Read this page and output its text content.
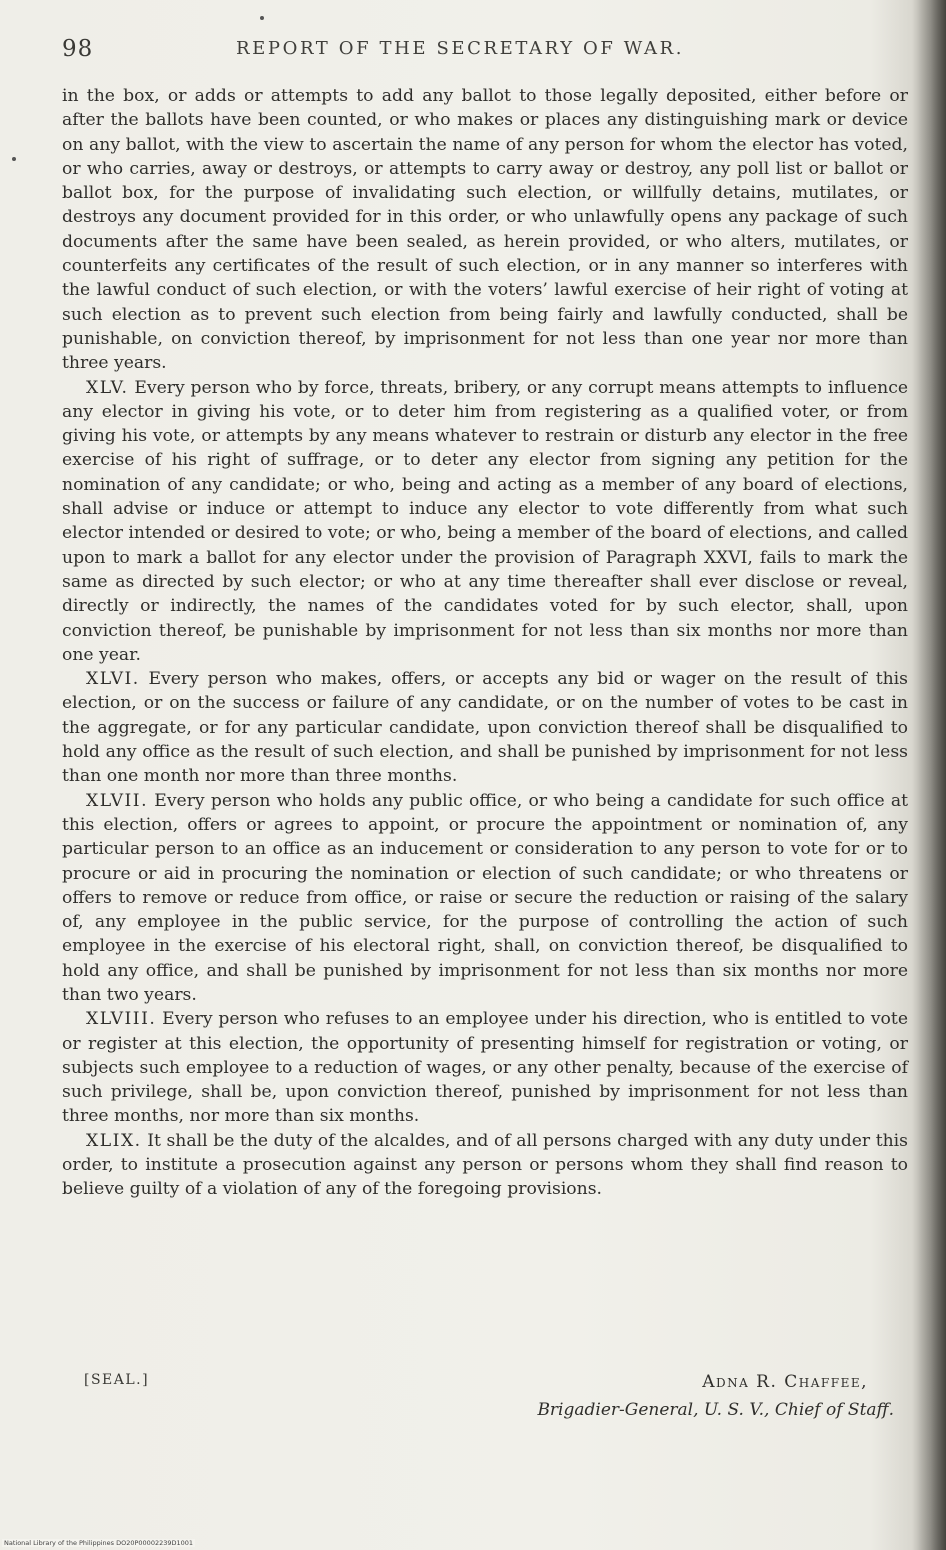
98	REPORT OF THE SECRETARY OF WAR.

in the box, or adds or attempts to add any ballot to those legally deposited, either before or after the ballots have been counted, or who makes or places any distinguishing mark or device on any ballot, with the view to ascertain the name of any person for whom the elector has voted, or who carries, away or destroys, or attempts to carry away or destroy, any poll list or ballot or ballot box, for the purpose of invalidating such election, or willfully detains, mutilates, or destroys any document provided for in this order, or who unlawfully opens any package of such documents after the same have been sealed, as herein provided, or who alters, mutilates, or counterfeits any certificates of the result of such election, or in any manner so interferes with the lawful conduct of such election, or with the voters’ lawful exercise of heir right of voting at such election as to prevent such election from being fairly and lawfully conducted, shall be punishable, on conviction thereof, by imprisonment for not less than one year nor more than three years.

XLV. Every person who by force, threats, bribery, or any corrupt means attempts to influence any elector in giving his vote, or to deter him from registering as a qualified voter, or from giving his vote, or attempts by any means whatever to restrain or disturb any elector in the free exercise of his right of suffrage, or to deter any elector from signing any petition for the nomination of any candidate; or who, being and acting as a member of any board of elections, shall advise or induce or attempt to induce any elector to vote differently from what such elector intended or desired to vote; or who, being a member of the board of elections, and called upon to mark a ballot for any elector under the provision of Paragraph XXVI, fails to mark the same as directed by such elector; or who at any time thereafter shall ever disclose or reveal, directly or indirectly, the names of the candidates voted for by such elector, shall, upon conviction thereof, be punishable by imprisonment for not less than six months nor more than one year.

XLVI. Every person who makes, offers, or accepts any bid or wager on the result of this election, or on the success or failure of any candidate, or on the number of votes to be cast in the aggregate, or for any particular candidate, upon conviction thereof shall be disqualified to hold any office as the result of such election, and shall be punished by imprisonment for not less than one month nor more than three months.

XLVII. Every person who holds any public office, or who being a candidate for such office at this election, offers or agrees to appoint, or procure the appointment or nomination of, any particular person to an office as an inducement or consideration to any person to vote for or to procure or aid in procuring the nomination or election of such candidate; or who threatens or offers to remove or reduce from office, or raise or secure the reduction or raising of the salary of, any employee in the public service, for the purpose of controlling the action of such employee in the exercise of his electoral right, shall, on conviction thereof, be disqualified to hold any office, and shall be punished by imprisonment for not less than six months nor more than two years.

XLVIII. Every person who refuses to an employee under his direction, who is entitled to vote or register at this election, the opportunity of presenting himself for registration or voting, or subjects such employee to a reduction of wages, or any other penalty, because of the exercise of such privilege, shall be, upon conviction thereof, punished by imprisonment for not less than three months, nor more than six months.

XLIX. It shall be the duty of the alcaldes, and of all persons charged with any duty under this order, to institute a prosecution against any person or persons whom they shall find reason to believe guilty of a violation of any of the foregoing provisions.

[SEAL.]	Adna R. Chaffee,
Brigadier-General, U. S. V., Chief of Staff.
National Library of the Philippines DO20P00002239D1001
